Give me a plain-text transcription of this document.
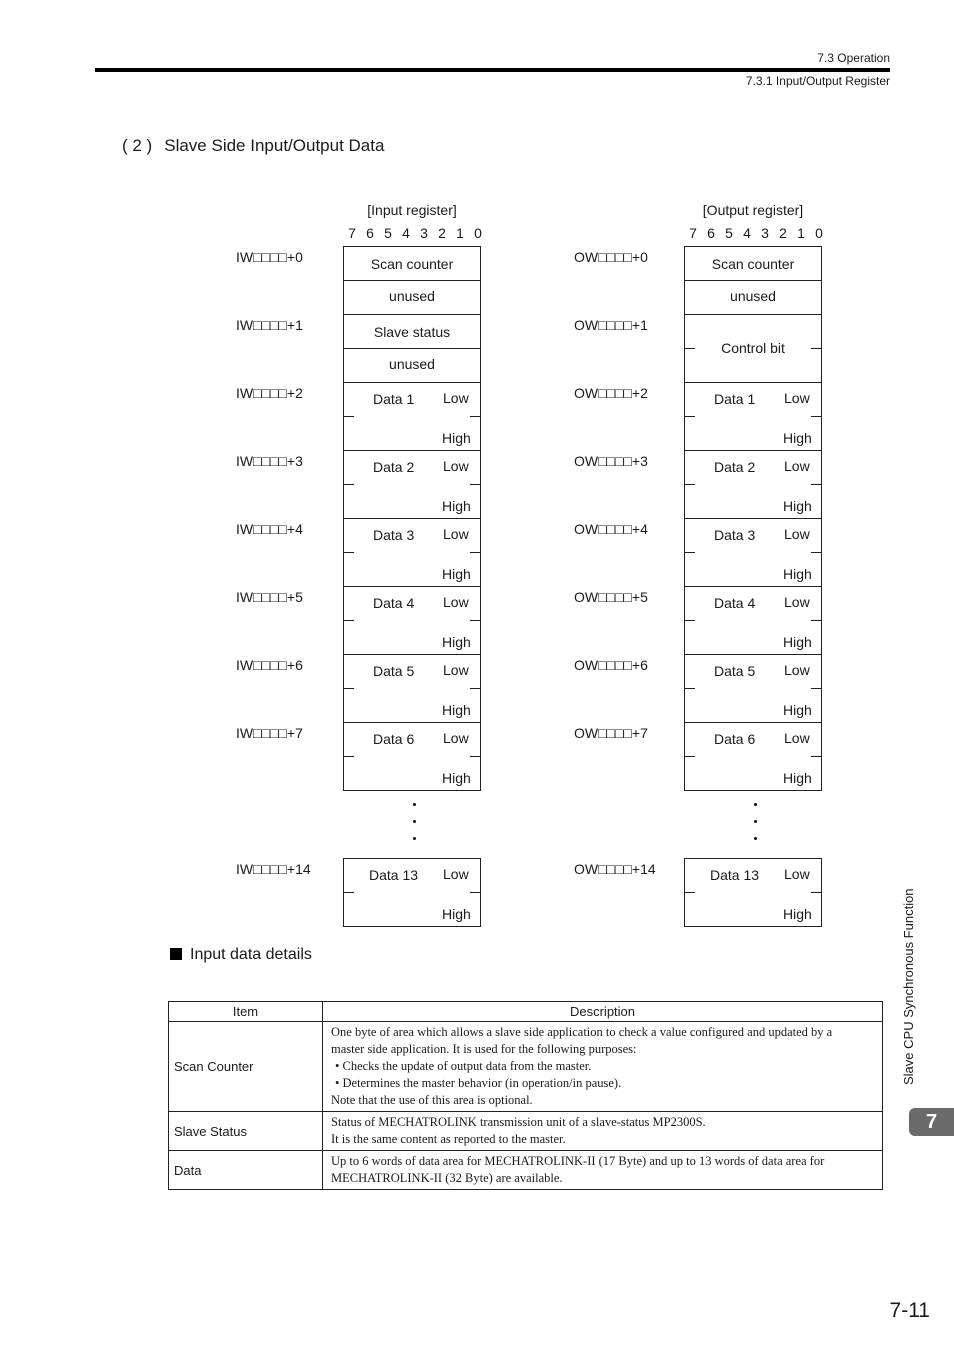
7.3 Operation
7.3.1 Input/Output Register
( 2 ) Slave Side Input/Output Data
[Input register]
7 6 5 4 3 2 1 0
IW□□□□+0	Scan counter
unused
IW□□□□+1	Slave status
unused
IW□□□□+2	Data 1 Low
High
IW□□□□+3	Data 2 Low
High
IW□□□□+4	Data 3 Low
High
IW□□□□+5	Data 4 Low
High
IW□□□□+6	Data 5 Low
High
IW□□□□+7	Data 6 Low
High
IW□□□□+14	Data 13 Low
High
[Output register]
7 6 5 4 3 2 1 0
OW□□□□+0	Scan counter
unused
OW□□□□+1
Control bit
OW□□□□+2	Data 1 Low
High
OW□□□□+3	Data 2 Low
High
OW□□□□+4	Data 3 Low
High
OW□□□□+5	Data 4 Low
High
OW□□□□+6	Data 5 Low
High
OW□□□□+7	Data 6 Low
High
OW□□□□+14	Data 13 Low
High
Input data details
Item	Description
Scan Counter	One byte of area which allows a slave side application to check a value configured and updated by a
master side application. It is used for the following purposes:
• Checks the update of output data from the master.
• Determines the master behavior (in operation/in pause).
Note that the use of this area is optional.

Slave Status	Status of MECHATROLINK transmission unit of a slave-status MP2300S.
It is the same content as reported to the master.

Data	Up to 6 words of data area for MECHATROLINK-II (17 Byte) and up to 13 words of data area for
MECHATROLINK-II (32 Byte) are available.
Slave CPU Synchronous Function
7
7-11
